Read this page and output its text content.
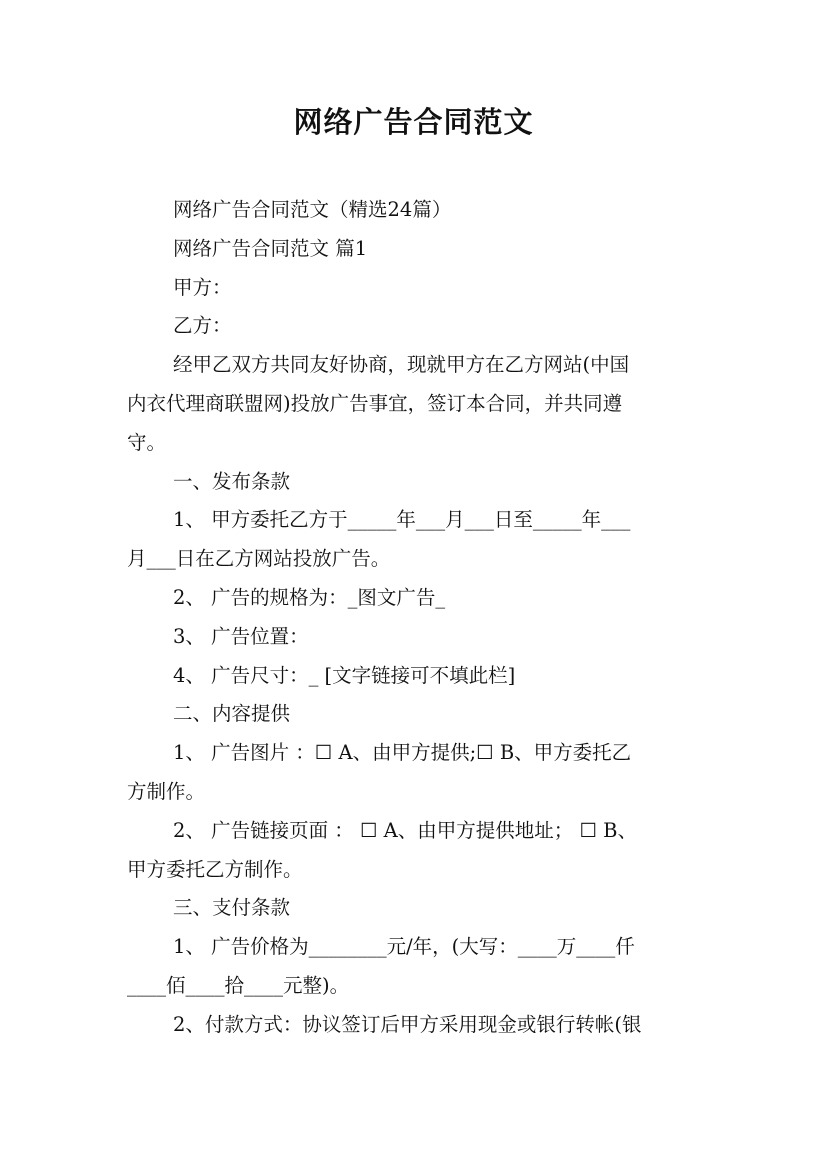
网络广告合同范文
网络广告合同范文（精选24篇）
网络广告合同范文 篇1
甲方：
乙方：
经甲乙双方共同友好协商，现就甲方在乙方网站(中国
内衣代理商联盟网)投放广告事宜，签订本合同，并共同遵
守。
一、发布条款
1、 甲方委托乙方于_____年___月___日至_____年___
月___日在乙方网站投放广告。
2、 广告的规格为：_图文广告_
3、 广告位置：
4、 广告尺寸：_ [文字链接可不填此栏]
二、内容提供
1、 广告图片 ：☐ A、由甲方提供;☐ B、甲方委托乙
方制作。
2、 广告链接页面 ： ☐ A、由甲方提供地址； ☐ B、
甲方委托乙方制作。
三、支付条款
1、 广告价格为________元/年，(大写：____万____仟
____佰____拾____元整)。
2、付款方式：协议签订后甲方采用现金或银行转帐(银
